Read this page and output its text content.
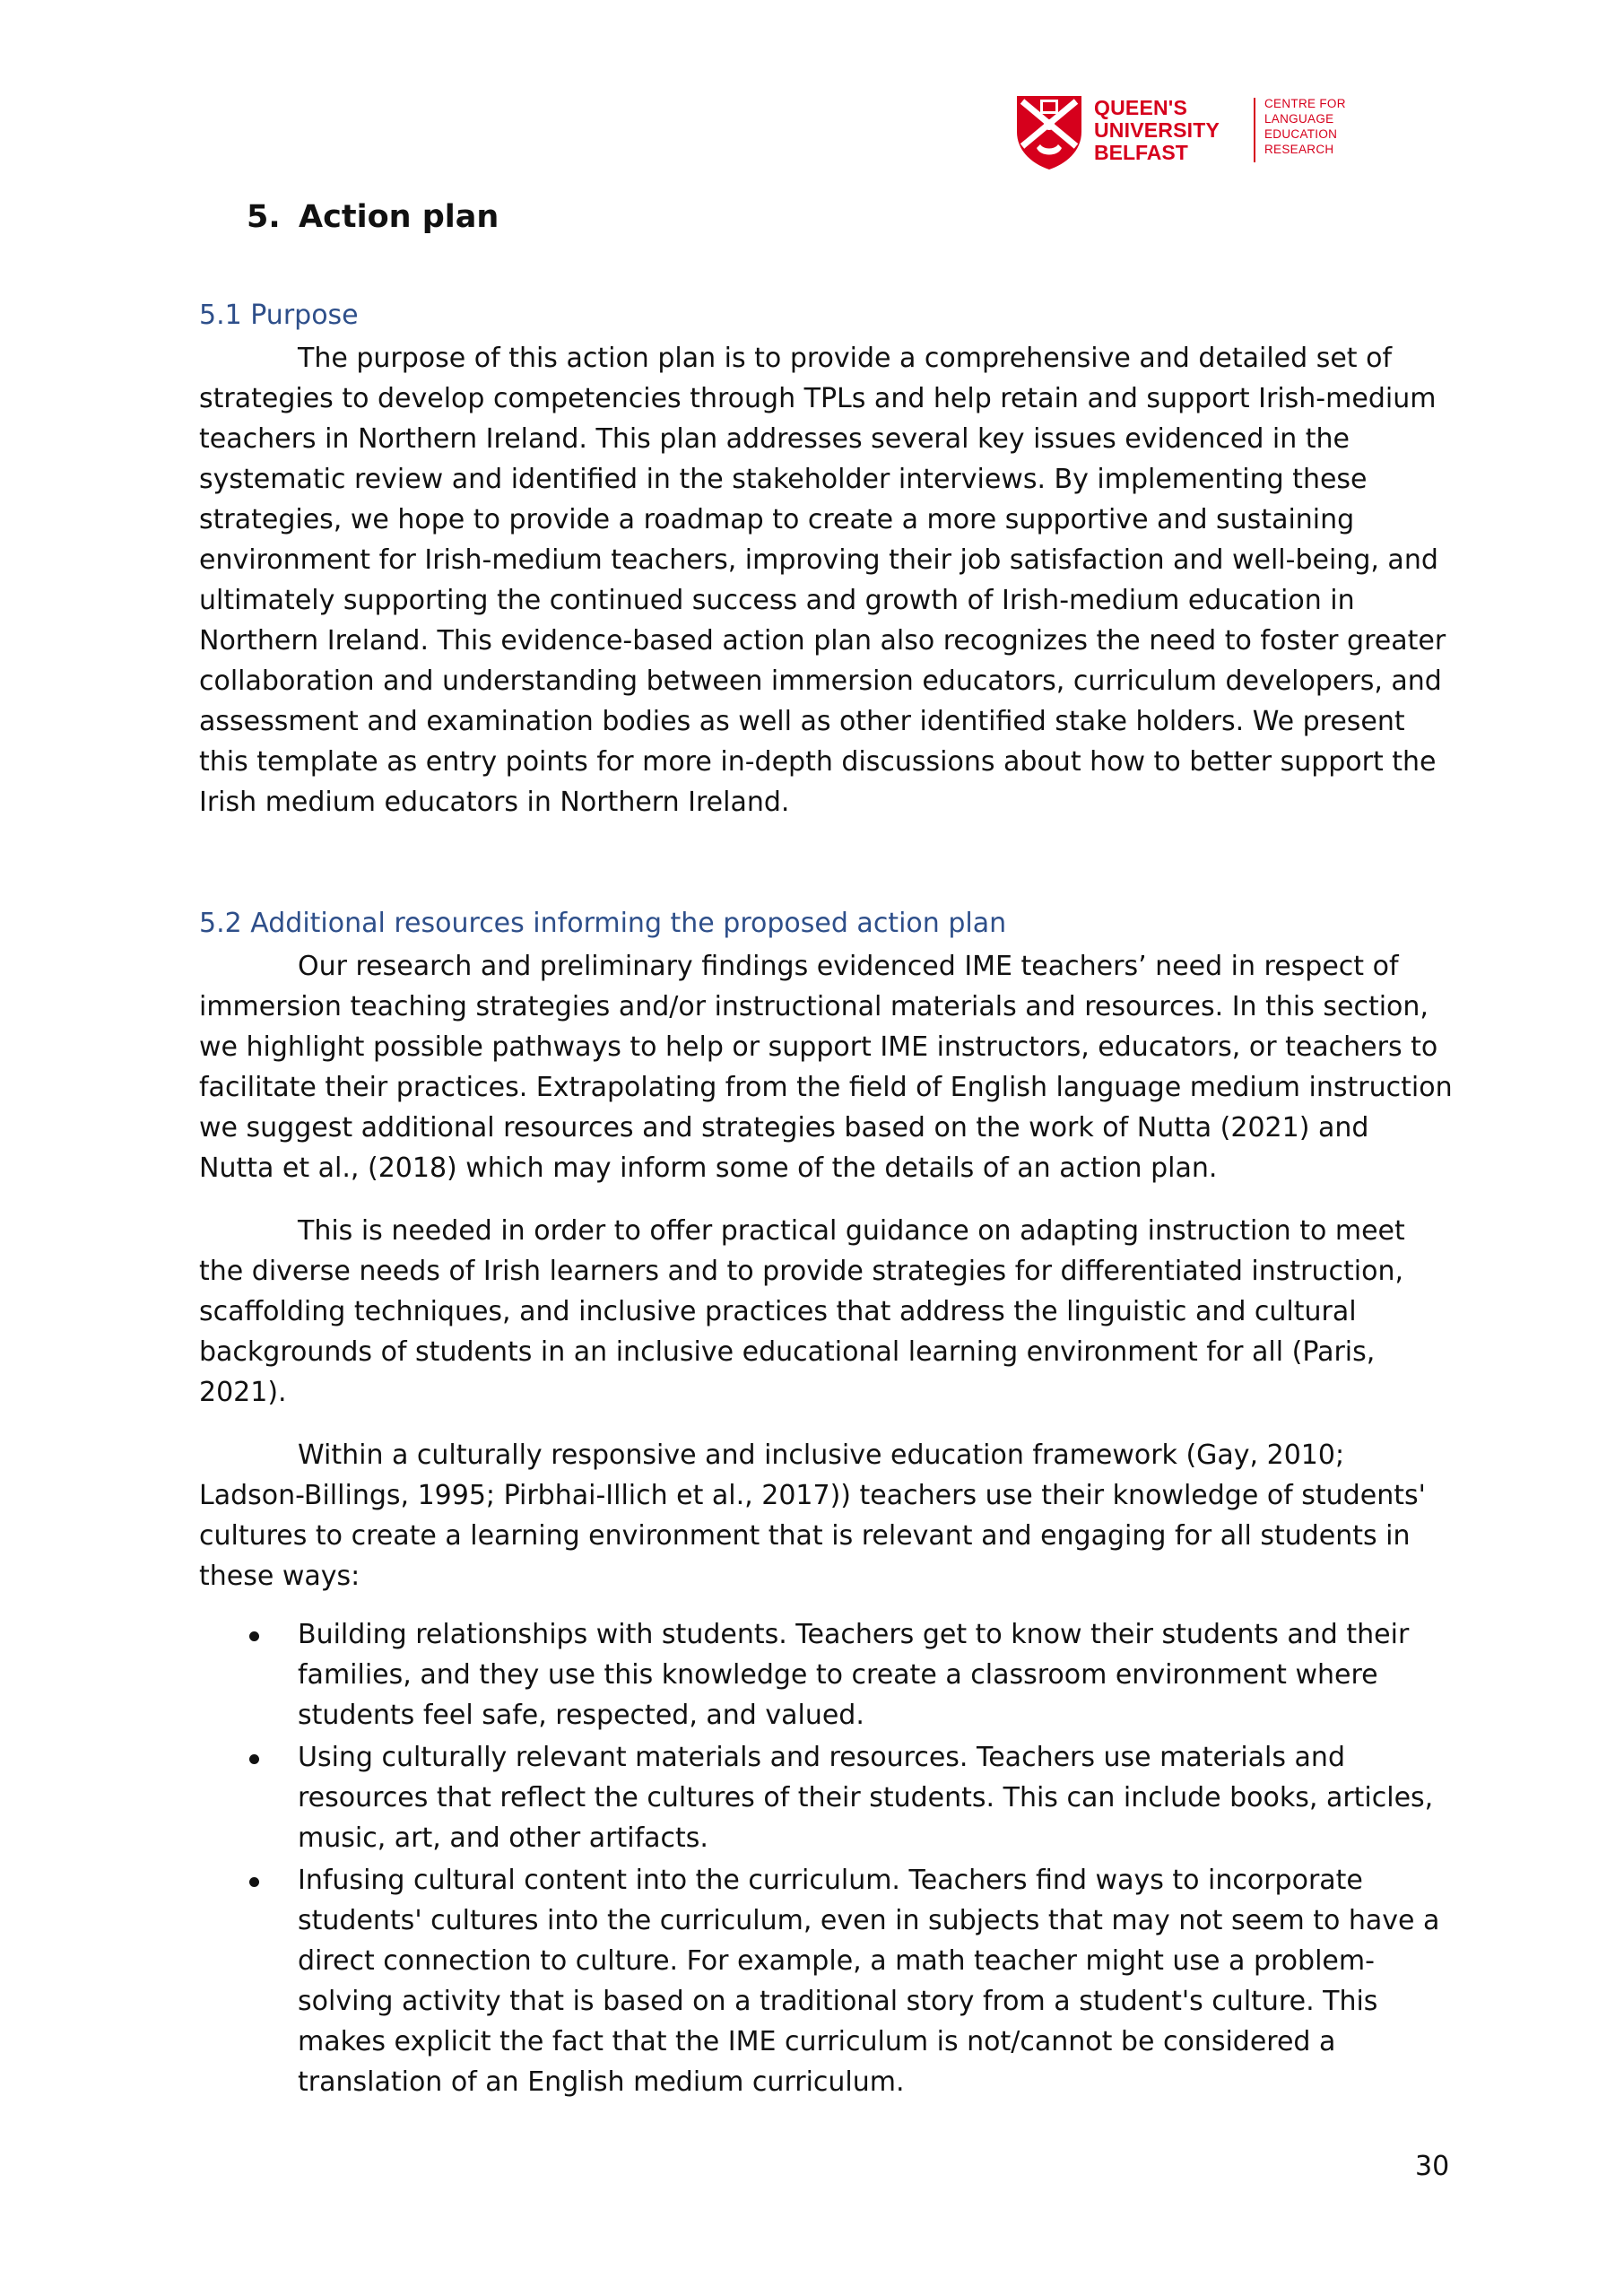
QUEEN'S
UNIVERSITY
BELFAST
CENTRE FOR
LANGUAGE
EDUCATION
RESEARCH
5. Action plan
5.1 Purpose
The purpose of this action plan is to provide a comprehensive and detailed set of
strategies to develop competencies through TPLs and help retain and support Irish-medium
teachers in Northern Ireland. This plan addresses several key issues evidenced in the
systematic review and identified in the stakeholder interviews. By implementing these
strategies, we hope to provide a roadmap to create a more supportive and sustaining
environment for Irish-medium teachers, improving their job satisfaction and well-being, and
ultimately supporting the continued success and growth of Irish-medium education in
Northern Ireland. This evidence-based action plan also recognizes the need to foster greater
collaboration and understanding between immersion educators, curriculum developers, and
assessment and examination bodies as well as other identified stake holders. We present
this template as entry points for more in-depth discussions about how to better support the
Irish medium educators in Northern Ireland.
5.2 Additional resources informing the proposed action plan
Our research and preliminary findings evidenced IME teachers’ need in respect of
immersion teaching strategies and/or instructional materials and resources. In this section,
we highlight possible pathways to help or support IME instructors, educators, or teachers to
facilitate their practices. Extrapolating from the field of English language medium instruction
we suggest additional resources and strategies based on the work of Nutta (2021) and
Nutta et al., (2018) which may inform some of the details of an action plan.
This is needed in order to offer practical guidance on adapting instruction to meet
the diverse needs of Irish learners and to provide strategies for differentiated instruction,
scaffolding techniques, and inclusive practices that address the linguistic and cultural
backgrounds of students in an inclusive educational learning environment for all (Paris,
2021).
Within a culturally responsive and inclusive education framework (Gay, 2010;
Ladson-Billings, 1995; Pirbhai-Illich et al., 2017)) teachers use their knowledge of students'
cultures to create a learning environment that is relevant and engaging for all students in
these ways:
Building relationships with students. Teachers get to know their students and their
families, and they use this knowledge to create a classroom environment where
students feel safe, respected, and valued.
Using culturally relevant materials and resources. Teachers use materials and
resources that reflect the cultures of their students. This can include books, articles,
music, art, and other artifacts.
Infusing cultural content into the curriculum. Teachers find ways to incorporate
students' cultures into the curriculum, even in subjects that may not seem to have a
direct connection to culture. For example, a math teacher might use a problem-
solving activity that is based on a traditional story from a student's culture. This
makes explicit the fact that the IME curriculum is not/cannot be considered a
translation of an English medium curriculum.
30
